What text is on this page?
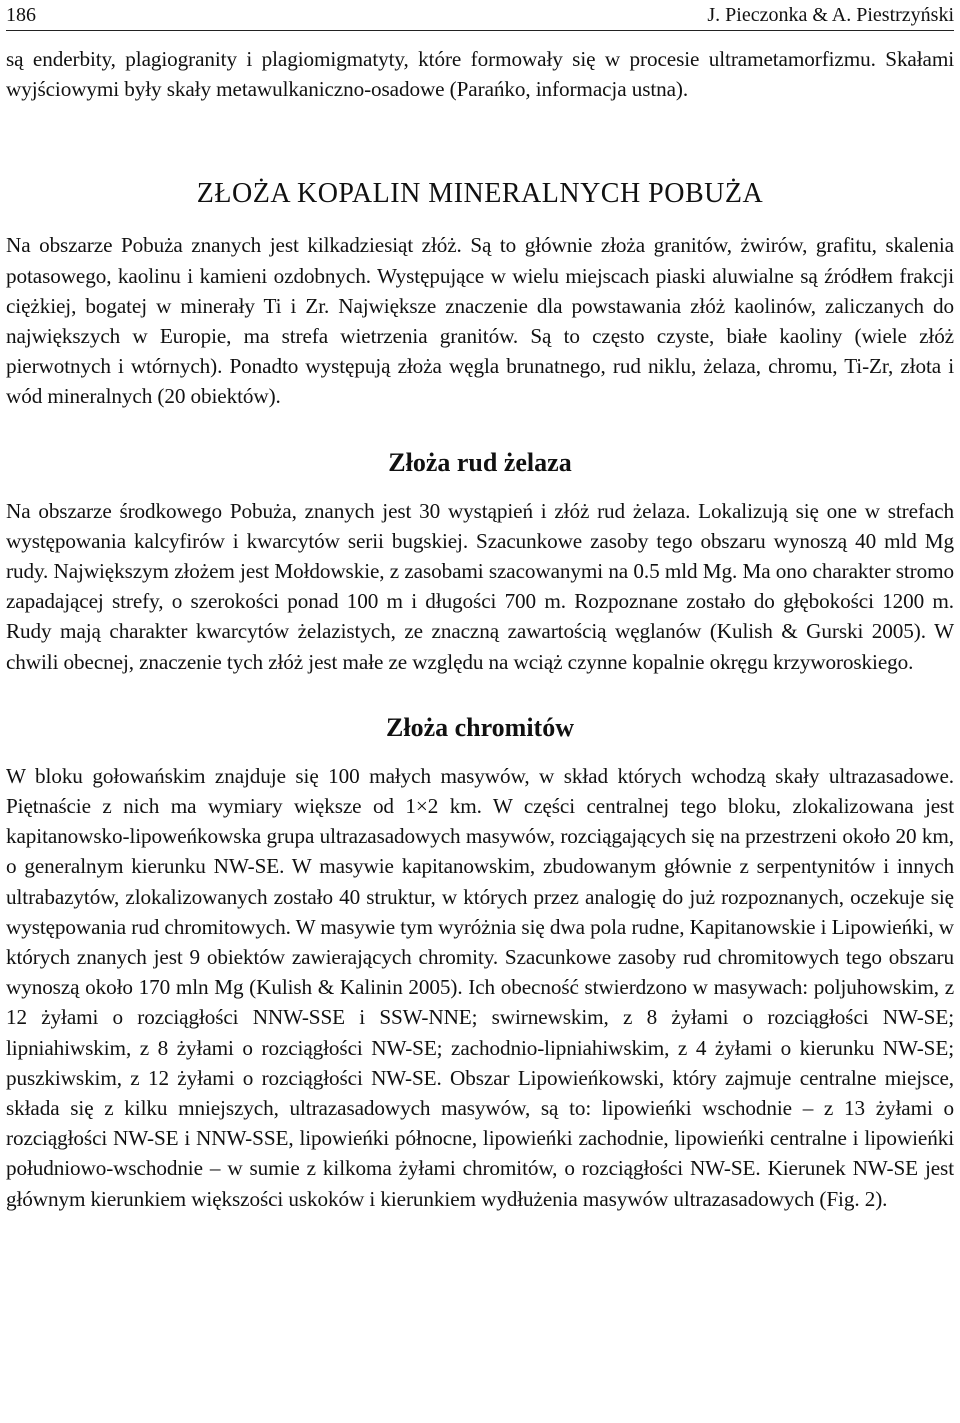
186	J. Pieczonka & A. Piestrzyński

są enderbity, plagiogranity i plagiomigmatyty, które formowały się w procesie ultrametamorfizmu. Skałami wyjściowymi były skały metawulkaniczno-osadowe (Parańko, informacja ustna).

ZŁOŻA KOPALIN MINERALNYCH POBUŻA

Na obszarze Pobuża znanych jest kilkadziesiąt złóż. Są to głównie złoża granitów, żwirów, grafitu, skalenia potasowego, kaolinu i kamieni ozdobnych. Występujące w wielu miejscach piaski aluwialne są źródłem frakcji ciężkiej, bogatej w minerały Ti i Zr. Największe znaczenie dla powstawania złóż kaolinów, zaliczanych do największych w Europie, ma strefa wietrzenia granitów. Są to często czyste, białe kaoliny (wiele złóż pierwotnych i wtórnych). Ponadto występują złoża węgla brunatnego, rud niklu, żelaza, chromu, Ti-Zr, złota i wód mineralnych (20 obiektów).

Złoża rud żelaza

Na obszarze środkowego Pobuża, znanych jest 30 wystąpień i złóż rud żelaza. Lokalizują się one w strefach występowania kalcyfirów i kwarcytów serii bugskiej. Szacunkowe zasoby tego obszaru wynoszą 40 mld Mg rudy. Największym złożem jest Mołdowskie, z zasobami szacowanymi na 0.5 mld Mg. Ma ono charakter stromo zapadającej strefy, o szerokości ponad 100 m i długości 700 m. Rozpoznane zostało do głębokości 1200 m. Rudy mają charakter kwarcytów żelazistych, ze znaczną zawartością węglanów (Kulish & Gurski 2005). W chwili obecnej, znaczenie tych złóż jest małe ze względu na wciąż czynne kopalnie okręgu krzyworoskiego.

Złoża chromitów

W bloku gołowańskim znajduje się 100 małych masywów, w skład których wchodzą skały ultrazasadowe. Piętnaście z nich ma wymiary większe od 1×2 km. W części centralnej tego bloku, zlokalizowana jest kapitanowsko-lipoweńkowska grupa ultrazasadowych masywów, rozciągających się na przestrzeni około 20 km, o generalnym kierunku NW-SE. W masywie kapitanowskim, zbudowanym głównie z serpentynitów i innych ultrabazytów, zlokalizowanych zostało 40 struktur, w których przez analogię do już rozpoznanych, oczekuje się występowania rud chromitowych. W masywie tym wyróżnia się dwa pola rudne, Kapitanowskie i Lipowieńki, w których znanych jest 9 obiektów zawierających chromity. Szacunkowe zasoby rud chromitowych tego obszaru wynoszą około 170 mln Mg (Kulish & Kalinin 2005). Ich obecność stwierdzono w masywach: poljuhowskim, z 12 żyłami o rozciągłości NNW-SSE i SSW-NNE; swirnewskim, z 8 żyłami o rozciągłości NW-SE; lipniahiwskim, z 8 żyłami o rozciągłości NW-SE; zachodnio-lipniahiwskim, z 4 żyłami o kierunku NW-SE; puszkiwskim, z 12 żyłami o rozciągłości NW-SE. Obszar Lipowieńkowski, który zajmuje centralne miejsce, składa się z kilku mniejszych, ultrazasadowych masywów, są to: lipowieńki wschodnie – z 13 żyłami o rozciągłości NW-SE i NNW-SSE, lipowieńki północne, lipowieńki zachodnie, lipowieńki centralne i lipowieńki południowo-wschodnie – w sumie z kilkoma żyłami chromitów, o rozciągłości NW-SE. Kierunek NW-SE jest głównym kierunkiem większości uskoków i kierunkiem wydłużenia masywów ultrazasadowych (Fig. 2).
